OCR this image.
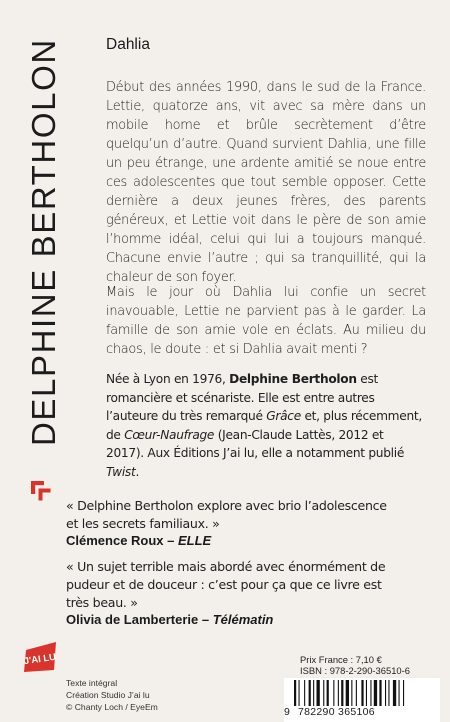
DELPHINE BERTHOLON	Dahlia

Début des années 1990, dans le sud de la France. Lettie, quatorze ans, vit avec sa mère dans un mobile home et brûle secrètement d’être quelqu’un d’autre. Quand survient Dahlia, une fille un peu étrange, une ardente amitié se noue entre ces adolescentes que tout semble opposer. Cette dernière a deux jeunes frères, des parents généreux, et Lettie voit dans le père de son amie l’homme idéal, celui qui lui a toujours manqué. Chacune envie l’autre ; qui sa tranquillité, qui la chaleur de son foyer.

Mais le jour où Dahlia lui confie un secret inavouable, Lettie ne parvient pas à le garder. La famille de son amie vole en éclats. Au milieu du chaos, le doute : et si Dahlia avait menti ?

Née à Lyon en 1976, Delphine Bertholon est romancière et scénariste. Elle est entre autres l’auteure du très remarqué Grâce et, plus récemment, de Cœur-Naufrage (Jean-Claude Lattès, 2012 et 2017). Aux Éditions J’ai lu, elle a notamment publié Twist.

« Delphine Bertholon explore avec brio l’adolescence et les secrets familiaux. »

Clémence Roux – ELLE

« Un sujet terrible mais abordé avec énormément de pudeur et de douceur : c’est pour ça que ce livre est très beau. »

Olivia de Lamberterie – Télématin
J'AI LU
Texte intégral
Création Studio J’ai lu
© Chanty Loch / EyeEm
Prix France : 7,10 €
ISBN : 978-2-290-36510-6
9 782290 365106
